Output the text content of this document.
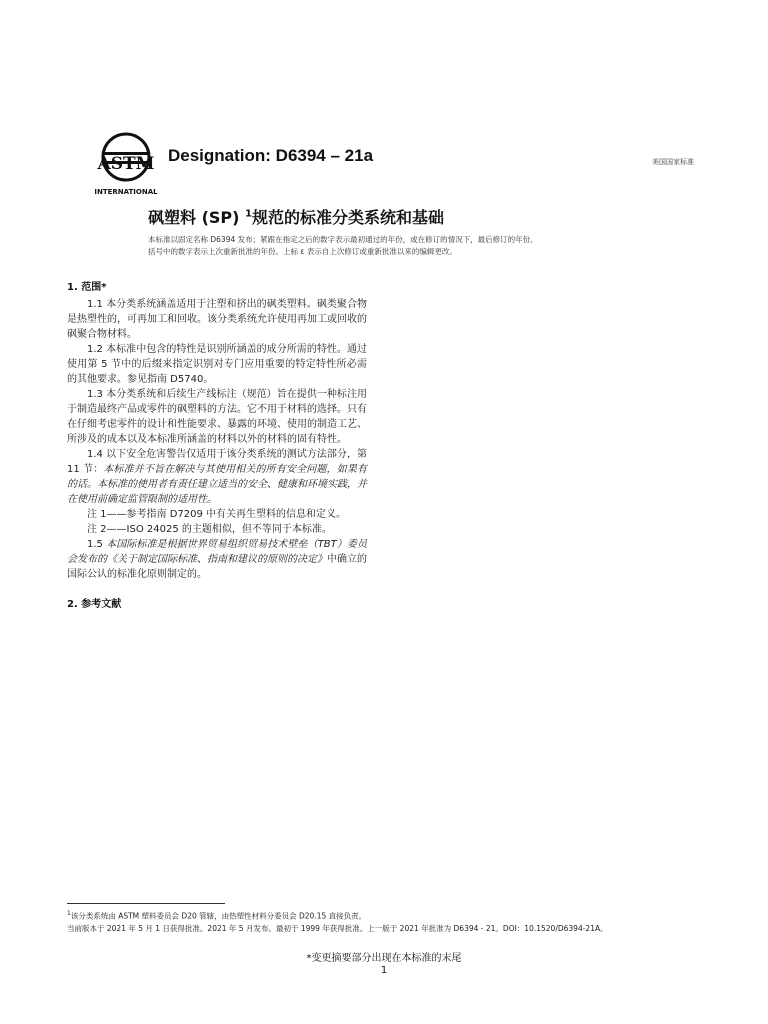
ASTM
INTERNATIONAL
Designation: D6394 – 21a	美国国家标准
砜塑料 (SP) $^1$规范的标准分类系统和基础
本标准以固定名称 D6394 发布；紧跟在指定之后的数字表示最初通过的年份，或在修订的情况下，最后修订的年份。
括号中的数字表示上次重新批准的年份。上标 ε 表示自上次修订或重新批准以来的编辑更改。
1. 范围*

1.1 本分类系统涵盖适用于注塑和挤出的砜类塑料。砜类聚合物是热塑性的，可再加工和回收。该分类系统允许使用再加工或回收的砜聚合物材料。

1.2 本标准中包含的特性是识别所涵盖的成分所需的特性。通过使用第 5 节中的后缀来指定识别对专门应用重要的特定特性所必需的其他要求。参见指南 D5740。

1.3 本分类系统和后续生产线标注（规范）旨在提供一种标注用于制造最终产品或零件的砜塑料的方法。它不用于材料的选择。只有在仔细考虑零件的设计和性能要求、暴露的环境、使用的制造工艺、所涉及的成本以及本标准所涵盖的材料以外的材料的固有特性。

1.4 以下安全危害警告仅适用于该分类系统的测试方法部分，第 11 节：本标准并不旨在解决与其使用相关的所有安全问题，如果有的话。本标准的使用者有责任建立适当的安全、健康和环境实践，并在使用前确定监管限制的适用性。

注 1——参考指南 D7209 中有关再生塑料的信息和定义。

注 2——ISO 24025 的主题相似，但不等同于本标准。

1.5 本国际标准是根据世界贸易组织贸易技术壁垒（TBT）委员会发布的《关于制定国际标准、指南和建议的原则的决定》中确立的国际公认的标准化原则制定的。

2. 参考文献
$^1$该分类系统由 ASTM 塑料委员会 D20 管辖，由热塑性材料分委员会 D20.15 直接负责。
当前版本于 2021 年 5 月 1 日获得批准。2021 年 5 月发布。最初于 1999 年获得批准。上一版于 2021 年批准为 D6394 - 21。DOI：10.1520/D6394-21A。
*变更摘要部分出现在本标准的末尾
1
